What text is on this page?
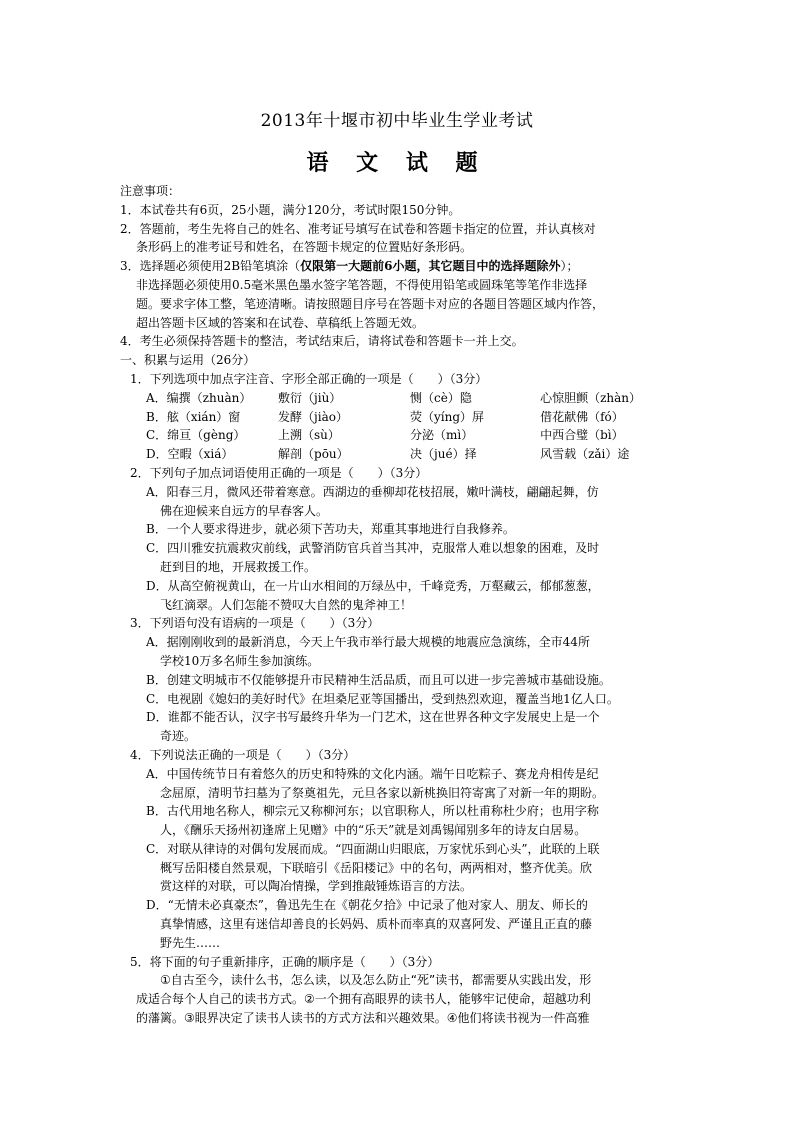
2013年十堰市初中毕业生学业考试
语 文 试 题
注意事项：
1．本试卷共有6页，25小题，满分120分，考试时限150分钟。
2．答题前，考生先将自己的姓名、准考证号填写在试卷和答题卡指定的位置，并认真核对
条形码上的准考证号和姓名，在答题卡规定的位置贴好条形码。
3．选择题必须使用2B铅笔填涂（仅限第一大题前6小题，其它题目中的选择题除外）；
非选择题必须使用0.5毫米黑色墨水签字笔答题，不得使用铅笔或圆珠笔等笔作非选择
题。要求字体工整，笔迹清晰。请按照题目序号在答题卡对应的各题目答题区域内作答，
超出答题卡区域的答案和在试卷、草稿纸上答题无效。
4．考生必须保持答题卡的整洁，考试结束后，请将试卷和答题卡一并上交。
一、积累与运用（26分）
1．下列选项中加点字注音、字形全部正确的一项是（　　）（3分）
A．编撰（zhuàn）	敷衍（jiù）	恻（cè）隐	心惊胆颤（zhàn）
B．舷（xián）窗	发酵（jiào）	荧（yíng）屏	借花献佛（fó）
C．绵亘（gèng）	上溯（sù）	分泌（mì）	中西合璧（bì）
D．空暇（xiá）	解剖（pōu）	决（jué）择	风雪载（zǎi）途
2．下列句子加点词语使用正确的一项是（　　）（3分）
A．阳春三月，微风还带着寒意。西湖边的垂柳却花枝招展，嫩叶满枝，翩翩起舞，仿
佛在迎候来自远方的早春客人。
B．一个人要求得进步，就必须下苦功夫，郑重其事地进行自我修养。
C．四川雅安抗震救灾前线，武警消防官兵首当其冲，克服常人难以想象的困难，及时
赶到目的地，开展救援工作。
D．从高空俯视黄山，在一片山水相间的万绿丛中，千峰竞秀，万壑藏云，郁郁葱葱，
飞红滴翠。人们怎能不赞叹大自然的鬼斧神工！
3．下列语句没有语病的一项是（　　）（3分）
A．据刚刚收到的最新消息，今天上午我市举行最大规模的地震应急演练，全市44所
学校10万多名师生参加演练。
B．创建文明城市不仅能够提升市民精神生活品质，而且可以进一步完善城市基础设施。
C．电视剧《媳妇的美好时代》在坦桑尼亚等国播出，受到热烈欢迎，覆盖当地1亿人口。
D．谁都不能否认，汉字书写最终升华为一门艺术，这在世界各种文字发展史上是一个
奇迹。
4．下列说法正确的一项是（　　）（3分）
A．中国传统节日有着悠久的历史和特殊的文化内涵。端午日吃粽子、赛龙舟相传是纪
念屈原，清明节扫墓为了祭奠祖先，元旦各家以新桃换旧符寄寓了对新一年的期盼。
B．古代用地名称人，柳宗元又称柳河东；以官职称人，所以杜甫称杜少府；也用字称
人，《酬乐天扬州初逢席上见赠》中的“乐天”就是刘禹锡闻别多年的诗友白居易。
C．对联从律诗的对偶句发展而成。“四面湖山归眼底，万家忧乐到心头”，此联的上联
概写岳阳楼自然景观，下联暗引《岳阳楼记》中的名句，两两相对，整齐优美。欣
赏这样的对联，可以陶冶情操，学到推敲锤炼语言的方法。
D．“无情未必真豪杰”，鲁迅先生在《朝花夕拾》中记录了他对家人、朋友、师长的
真挚情感，这里有迷信却善良的长妈妈、质朴而率真的双喜阿发、严谨且正直的藤
野先生……
5．将下面的句子重新排序，正确的顺序是（　　）（3分）
①自古至今，读什么书，怎么读，以及怎么防止“死”读书，都需要从实践出发，形
成适合每个人自己的读书方式。②一个拥有高眼界的读书人，能够牢记使命，超越功利
的藩篱。③眼界决定了读书人读书的方式方法和兴趣效果。④他们将读书视为一件高雅
